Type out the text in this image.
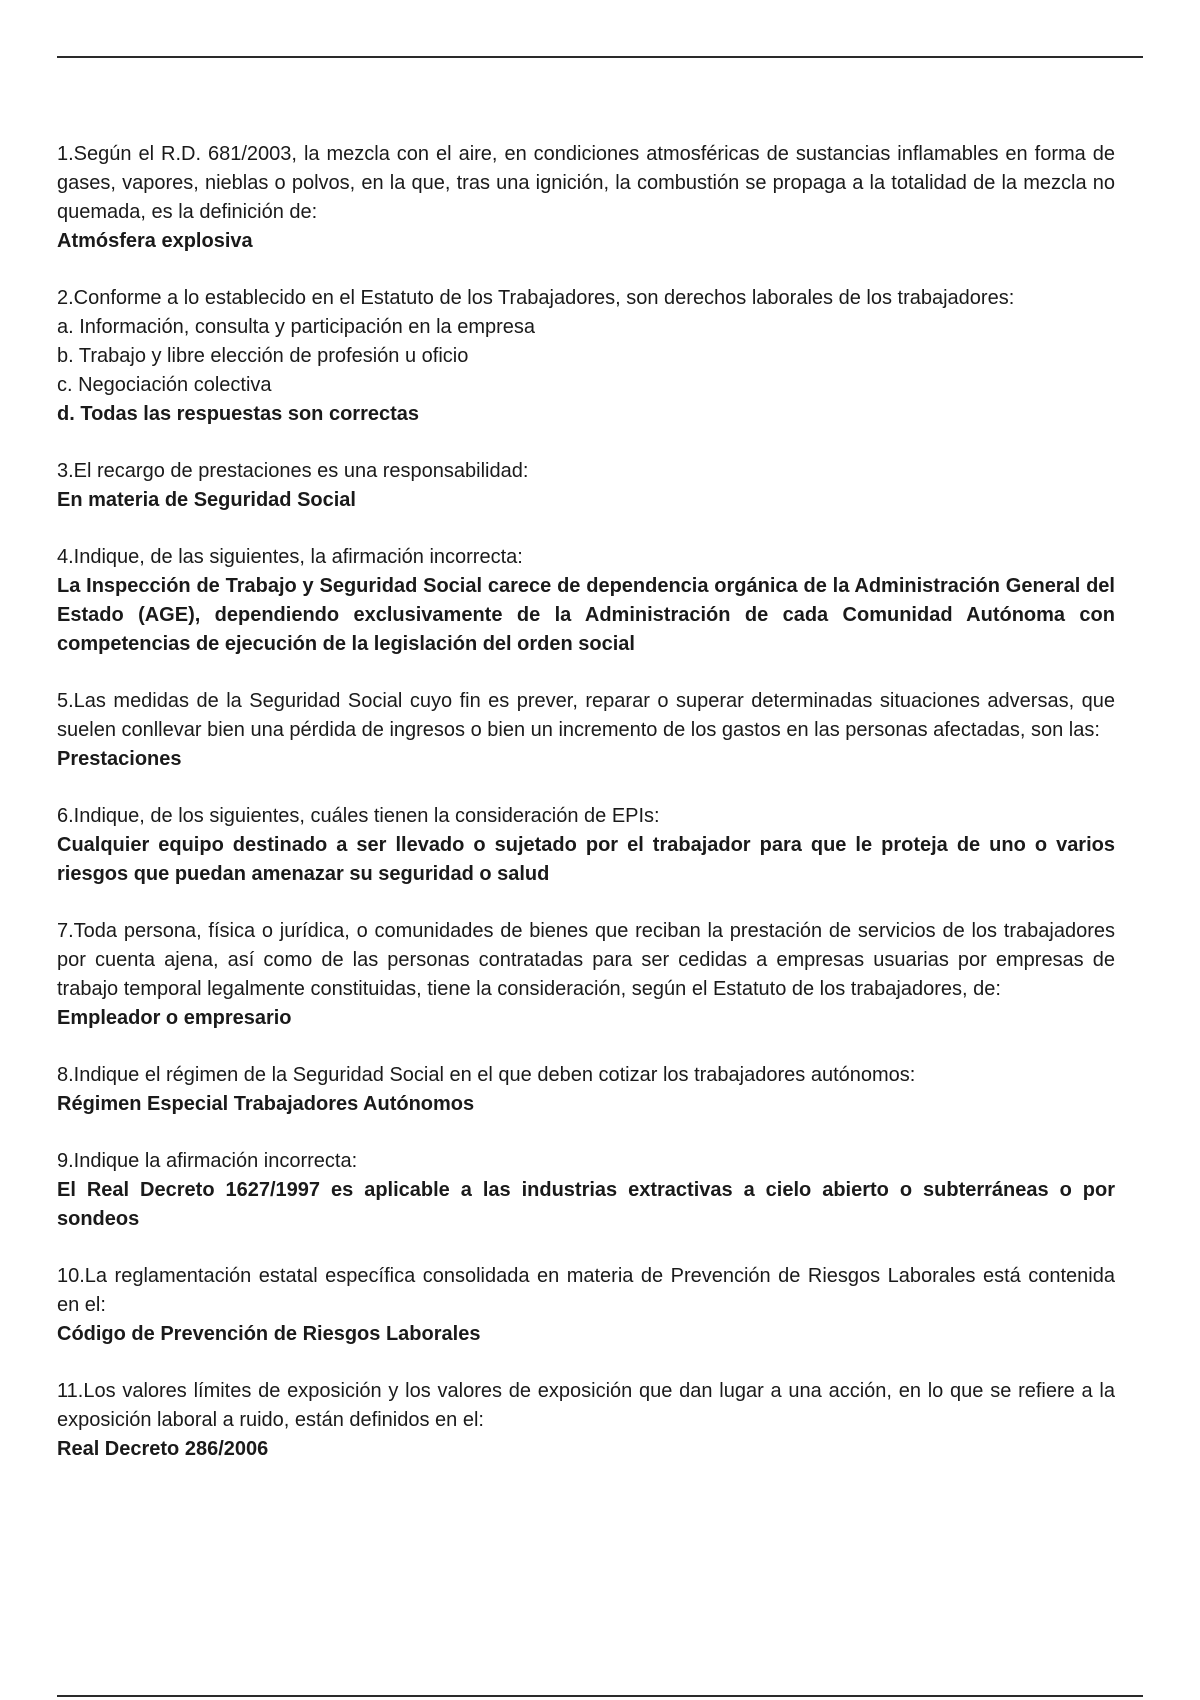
1.Según el R.D. 681/2003, la mezcla con el aire, en condiciones atmosféricas de sustancias inflamables en forma de gases, vapores, nieblas o polvos, en la que, tras una ignición, la combustión se propaga a la totalidad de la mezcla no quemada, es la definición de:
Atmósfera explosiva
2.Conforme a lo establecido en el Estatuto de los Trabajadores, son derechos laborales de los trabajadores:
a. Información, consulta y participación en la empresa
b. Trabajo y libre elección de profesión u oficio
c. Negociación colectiva
d. Todas las respuestas son correctas
3.El recargo de prestaciones es una responsabilidad:
En materia de Seguridad Social
4.Indique, de las siguientes, la afirmación incorrecta:
La Inspección de Trabajo y Seguridad Social carece de dependencia orgánica de la Administración General del Estado (AGE), dependiendo exclusivamente de la Administración de cada Comunidad Autónoma con competencias de ejecución de la legislación del orden social
5.Las medidas de la Seguridad Social cuyo fin es prever, reparar o superar determinadas situaciones adversas, que suelen conllevar bien una pérdida de ingresos o bien un incremento de los gastos en las personas afectadas, son las:
Prestaciones
6.Indique, de los siguientes, cuáles tienen la consideración de EPIs:
Cualquier equipo destinado a ser llevado o sujetado por el trabajador para que le proteja de uno o varios riesgos que puedan amenazar su seguridad o salud
7.Toda persona, física o jurídica, o comunidades de bienes que reciban la prestación de servicios de los trabajadores por cuenta ajena, así como de las personas contratadas para ser cedidas a empresas usuarias por empresas de trabajo temporal legalmente constituidas, tiene la consideración, según el Estatuto de los trabajadores, de:
Empleador o empresario
8.Indique el régimen de la Seguridad Social en el que deben cotizar los trabajadores autónomos:
Régimen Especial Trabajadores Autónomos
9.Indique la afirmación incorrecta:
El Real Decreto 1627/1997 es aplicable a las industrias extractivas a cielo abierto o subterráneas o por sondeos
10.La reglamentación estatal específica consolidada en materia de Prevención de Riesgos Laborales está contenida en el:
Código de Prevención de Riesgos Laborales
11.Los valores límites de exposición y los valores de exposición que dan lugar a una acción, en lo que se refiere a la exposición laboral a ruido, están definidos en el:
Real Decreto 286/2006
